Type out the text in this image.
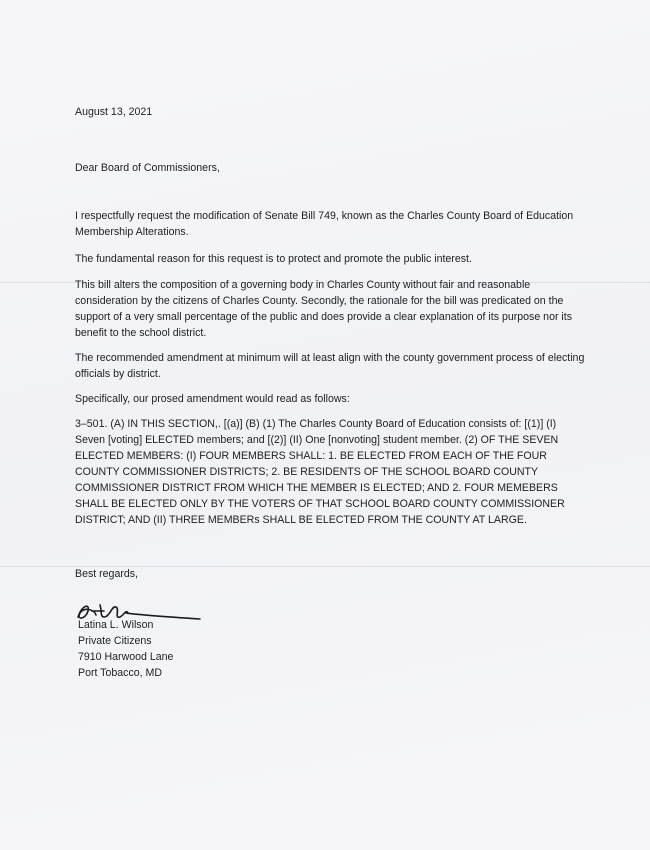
August 13, 2021
Dear Board of Commissioners,
I respectfully request the modification of Senate Bill 749, known as the Charles County Board of Education Membership Alterations.
The fundamental reason for this request is to protect and promote the public interest.
This bill alters the composition of a governing body in Charles County without fair and reasonable consideration by the citizens of Charles County. Secondly, the rationale for the bill was predicated on the support of a very small percentage of the public and does provide a clear explanation of its purpose nor its benefit to the school district.
The recommended amendment at minimum will at least align with the county government process of electing officials by district.
Specifically, our prosed amendment would read as follows:
3–501. (A) IN THIS SECTION,. [(a)] (B) (1) The Charles County Board of Education consists of: [(1)] (I) Seven [voting] ELECTED members; and [(2)] (II) One [nonvoting] student member. (2) OF THE SEVEN ELECTED MEMBERS: (I) FOUR MEMBERS SHALL: 1. BE ELECTED FROM EACH OF THE FOUR COUNTY COMMISSIONER DISTRICTS; 2. BE RESIDENTS OF THE SCHOOL BOARD COUNTY COMMISSIONER DISTRICT FROM WHICH THE MEMBER IS ELECTED; AND 2. FOUR MEMEBERS SHALL BE ELECTED ONLY BY THE VOTERS OF THAT SCHOOL BOARD COUNTY COMMISSIONER DISTRICT; AND (II) THREE MEMBERs SHALL BE ELECTED FROM THE COUNTY AT LARGE.
Best regards,
Latina L. Wilson
Private Citizens
7910 Harwood Lane
Port Tobacco, MD
